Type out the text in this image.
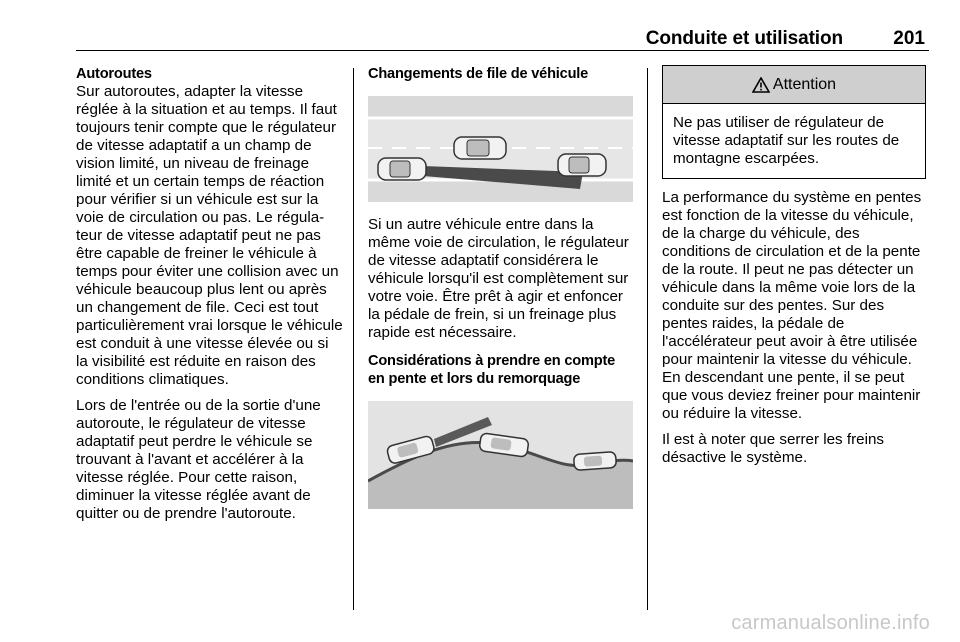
Conduite et utilisation	201
Autoroutes

Sur autoroutes, adapter la vitesse réglée à la situation et au temps. Il faut toujours tenir compte que le régulateur de vitesse adaptatif a un champ de vision limité, un niveau de freinage limité et un certain temps de réaction pour vérifier si un véhicule est sur la voie de circulation ou pas. Le régulateur de vitesse adaptatif peut ne pas être capable de freiner le véhicule à temps pour éviter une collision avec un véhicule beaucoup plus lent ou après un changement de file. Ceci est tout particulièrement vrai lorsque le véhicule est conduit à une vitesse élevée ou si la visibilité est réduite en raison des conditions climatiques.

Lors de l'entrée ou de la sortie d'une autoroute, le régulateur de vitesse adaptatif peut perdre le véhicule se trouvant à l'avant et accélérer à la vitesse réglée. Pour cette raison, diminuer la vitesse réglée avant de quitter ou de prendre l'autoroute.

Changements de file de véhicule

Si un autre véhicule entre dans la même voie de circulation, le régulateur de vitesse adaptatif considérera le véhicule lorsqu'il est complètement sur votre voie. Être prêt à agir et enfoncer la pédale de frein, si un freinage plus rapide est nécessaire.

Considérations à prendre en compte en pente et lors du remorquage
Attention
Ne pas utiliser de régulateur de vitesse adaptatif sur les routes de montagne escarpées.

La performance du système en pentes est fonction de la vitesse du véhicule, de la charge du véhicule, des conditions de circulation et de la pente de la route. Il peut ne pas détecter un véhicule dans la même voie lors de la conduite sur des pentes. Sur des pentes raides, la pédale de l'accélérateur peut avoir à être utilisée pour maintenir la vitesse du véhicule. En descendant une pente, il se peut que vous deviez freiner pour maintenir ou réduire la vitesse.

Il est à noter que serrer les freins désactive le système.

carmanualsonline.info
